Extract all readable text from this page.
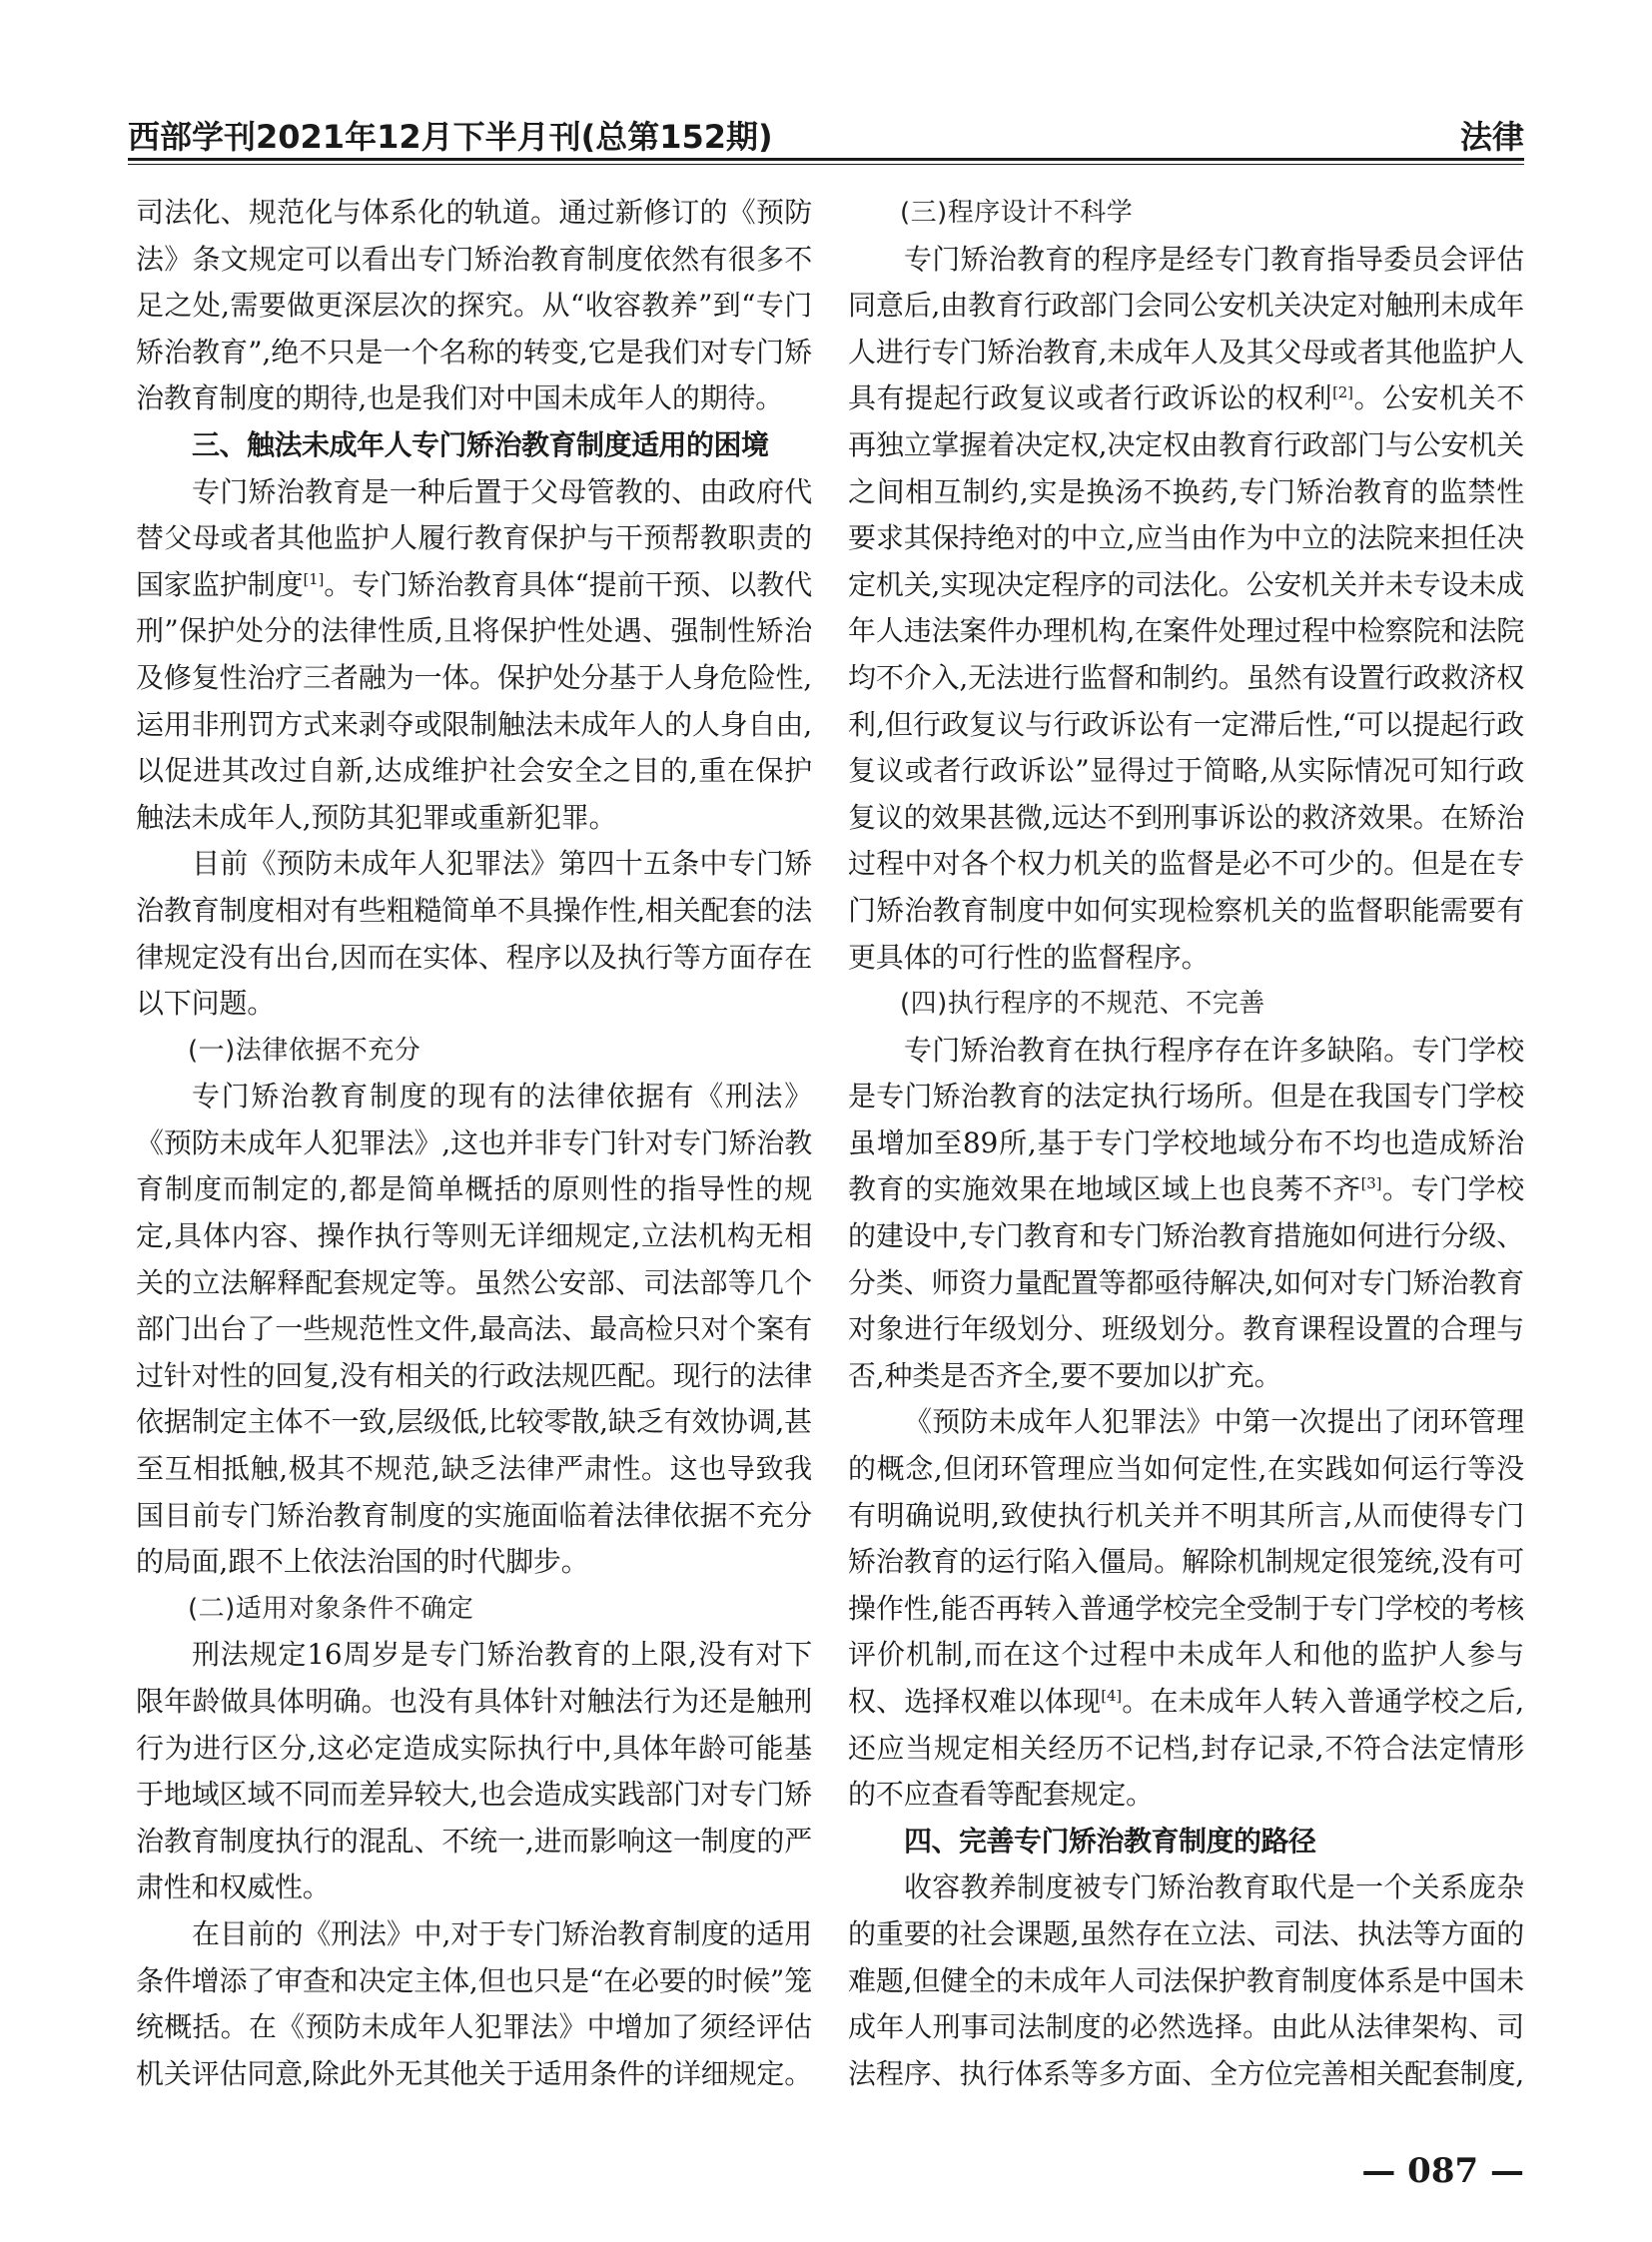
西部学刊2021年12月下半月刊(总第152期)	法律

司法化、规范化与体系化的轨道。通过新修订的《预防法》条文规定可以看出专门矫治教育制度依然有很多不足之处,需要做更深层次的探究。从“收容教养”到“专门矫治教育”,绝不只是一个名称的转变,它是我们对专门矫治教育制度的期待,也是我们对中国未成年人的期待。

三、触法未成年人专门矫治教育制度适用的困境

专门矫治教育是一种后置于父母管教的、由政府代替父母或者其他监护人履行教育保护与干预帮教职责的国家监护制度[1]。专门矫治教育具体“提前干预、以教代刑”保护处分的法律性质,且将保护性处遇、强制性矫治及修复性治疗三者融为一体。保护处分基于人身危险性,运用非刑罚方式来剥夺或限制触法未成年人的人身自由,以促进其改过自新,达成维护社会安全之目的,重在保护触法未成年人,预防其犯罪或重新犯罪。

目前《预防未成年人犯罪法》第四十五条中专门矫治教育制度相对有些粗糙简单不具操作性,相关配套的法律规定没有出台,因而在实体、程序以及执行等方面存在以下问题。

(一)法律依据不充分

专门矫治教育制度的现有的法律依据有《刑法》《预防未成年人犯罪法》,这也并非专门针对专门矫治教育制度而制定的,都是简单概括的原则性的指导性的规定,具体内容、操作执行等则无详细规定,立法机构无相关的立法解释配套规定等。虽然公安部、司法部等几个部门出台了一些规范性文件,最高法、最高检只对个案有过针对性的回复,没有相关的行政法规匹配。现行的法律依据制定主体不一致,层级低,比较零散,缺乏有效协调,甚至互相抵触,极其不规范,缺乏法律严肃性。这也导致我国目前专门矫治教育制度的实施面临着法律依据不充分的局面,跟不上依法治国的时代脚步。

(二)适用对象条件不确定

刑法规定16周岁是专门矫治教育的上限,没有对下限年龄做具体明确。也没有具体针对触法行为还是触刑行为进行区分,这必定造成实际执行中,具体年龄可能基于地域区域不同而差异较大,也会造成实践部门对专门矫治教育制度执行的混乱、不统一,进而影响这一制度的严肃性和权威性。

在目前的《刑法》中,对于专门矫治教育制度的适用条件增添了审查和决定主体,但也只是“在必要的时候”笼统概括。在《预防未成年人犯罪法》中增加了须经评估机关评估同意,除此外无其他关于适用条件的详细规定。

(三)程序设计不科学

专门矫治教育的程序是经专门教育指导委员会评估同意后,由教育行政部门会同公安机关决定对触刑未成年人进行专门矫治教育,未成年人及其父母或者其他监护人具有提起行政复议或者行政诉讼的权利[2]。公安机关不再独立掌握着决定权,决定权由教育行政部门与公安机关之间相互制约,实是换汤不换药,专门矫治教育的监禁性要求其保持绝对的中立,应当由作为中立的法院来担任决定机关,实现决定程序的司法化。公安机关并未专设未成年人违法案件办理机构,在案件处理过程中检察院和法院均不介入,无法进行监督和制约。虽然有设置行政救济权利,但行政复议与行政诉讼有一定滞后性,“可以提起行政复议或者行政诉讼”显得过于简略,从实际情况可知行政复议的效果甚微,远达不到刑事诉讼的救济效果。在矫治过程中对各个权力机关的监督是必不可少的。但是在专门矫治教育制度中如何实现检察机关的监督职能需要有更具体的可行性的监督程序。

(四)执行程序的不规范、不完善

专门矫治教育在执行程序存在许多缺陷。专门学校是专门矫治教育的法定执行场所。但是在我国专门学校虽增加至89所,基于专门学校地域分布不均也造成矫治教育的实施效果在地域区域上也良莠不齐[3]。专门学校的建设中,专门教育和专门矫治教育措施如何进行分级、分类、师资力量配置等都亟待解决,如何对专门矫治教育对象进行年级划分、班级划分。教育课程设置的合理与否,种类是否齐全,要不要加以扩充。

《预防未成年人犯罪法》中第一次提出了闭环管理的概念,但闭环管理应当如何定性,在实践如何运行等没有明确说明,致使执行机关并不明其所言,从而使得专门矫治教育的运行陷入僵局。解除机制规定很笼统,没有可操作性,能否再转入普通学校完全受制于专门学校的考核评价机制,而在这个过程中未成年人和他的监护人参与权、选择权难以体现[4]。在未成年人转入普通学校之后,还应当规定相关经历不记档,封存记录,不符合法定情形的不应查看等配套规定。

四、完善专门矫治教育制度的路径

收容教养制度被专门矫治教育取代是一个关系庞杂的重要的社会课题,虽然存在立法、司法、执法等方面的难题,但健全的未成年人司法保护教育制度体系是中国未成年人刑事司法制度的必然选择。由此从法律架构、司法程序、执行体系等多方面、全方位完善相关配套制度,

— 087 —
